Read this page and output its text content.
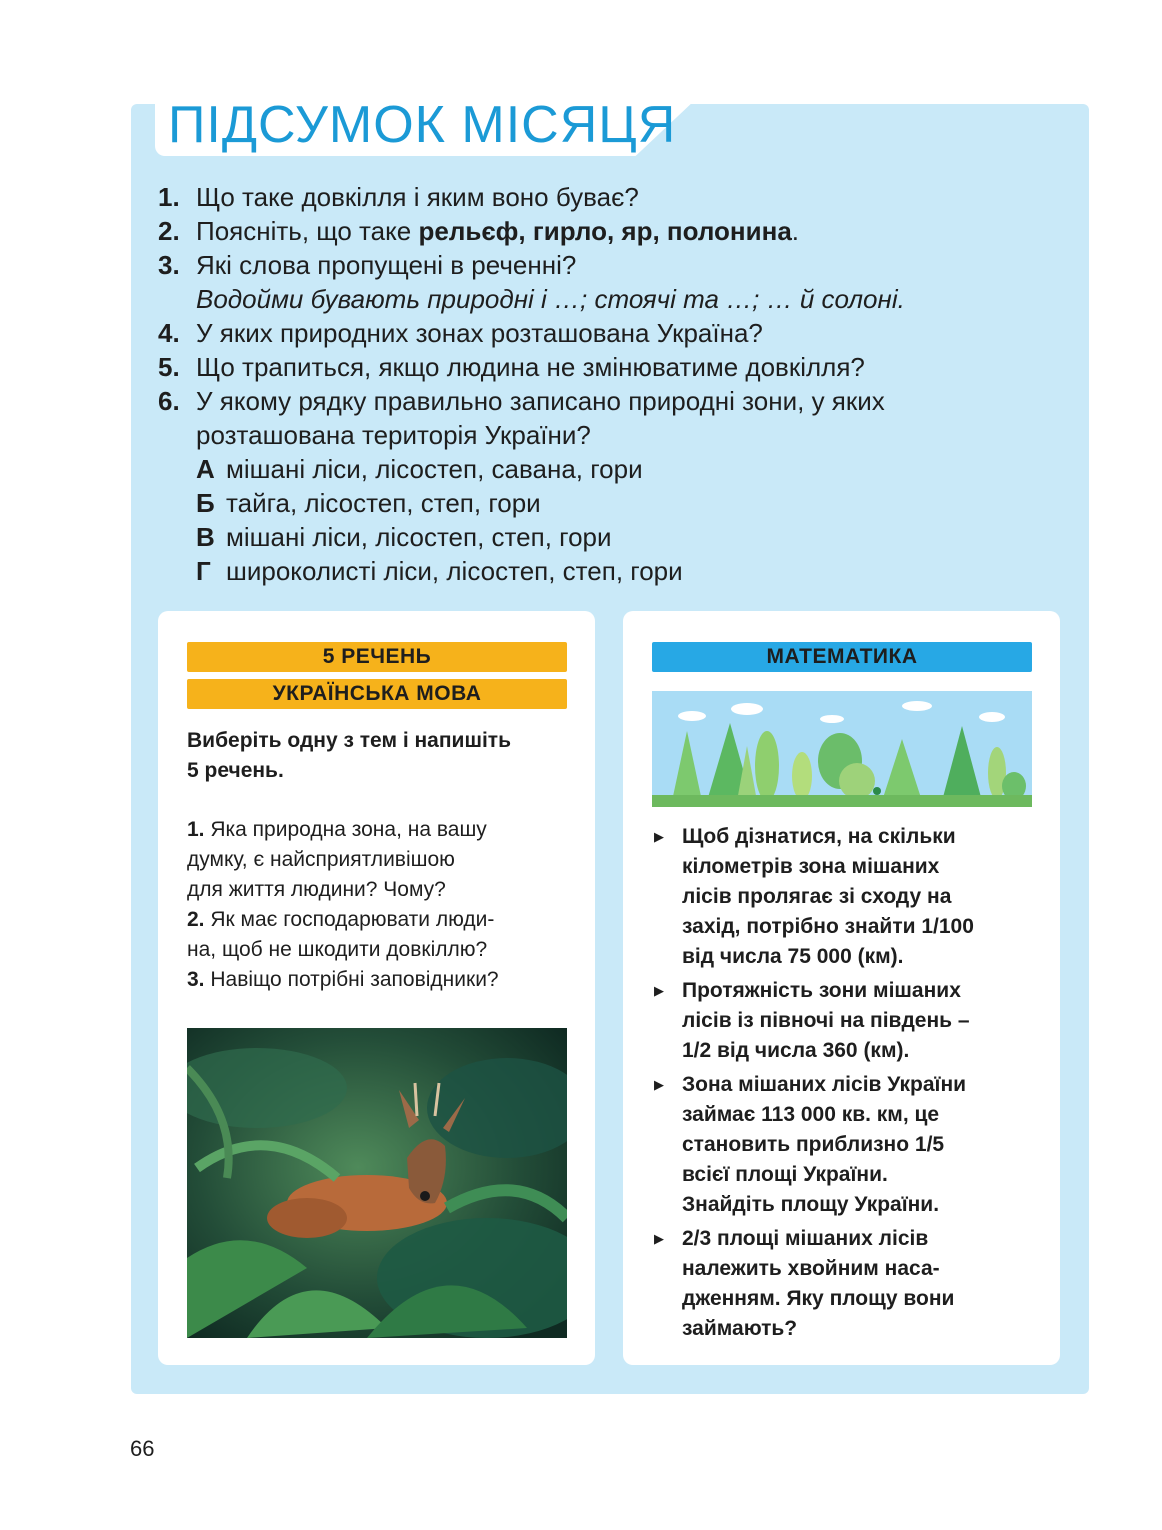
ПІДСУМОК МІСЯЦЯ
1. Що таке довкілля і яким воно буває?
2. Поясніть, що таке рельєф, гирло, яр, полонина.
3. Які слова пропущені в реченні?
Водойми бувають природні і …; стоячі та …; … й солоні.
4. У яких природних зонах розташована Україна?
5. Що трапиться, якщо людина не змінюватиме довкілля?
6. У якому рядку правильно записано природні зони, у яких
розташована територія України?
А мішані ліси, лісостеп, савана, гори
Б тайга, лісостеп, степ, гори
В мішані ліси, лісостеп, степ, гори
Г широколисті ліси, лісостеп, степ, гори
5 РЕЧЕНЬ
УКРАЇНСЬКА МОВА
Виберіть одну з тем і напишіть
5 речень.
1. Яка природна зона, на вашу
думку, є найсприятливішою
для життя людини? Чому?
2. Як має господарювати люди-
на, щоб не шкодити довкіллю?
3. Навіщо потрібні заповідники?
МАТЕМАТИКА
▶ Щоб дізнатися, на скільки
кілометрів зона мішаних
лісів пролягає зі сходу на
захід, потрібно знайти 1/100
від числа 75 000 (км).
▶ Протяжність зони мішаних
лісів із півночі на південь –
1/2 від числа 360 (км).
▶ Зона мішаних лісів України
займає 113 000 кв. км, це
становить приблизно 1/5
всієї площі України.
Знайдіть площу України.
▶ 2/3 площі мішаних лісів
належить хвойним наса-
дженням. Яку площу вони
займають?
66
